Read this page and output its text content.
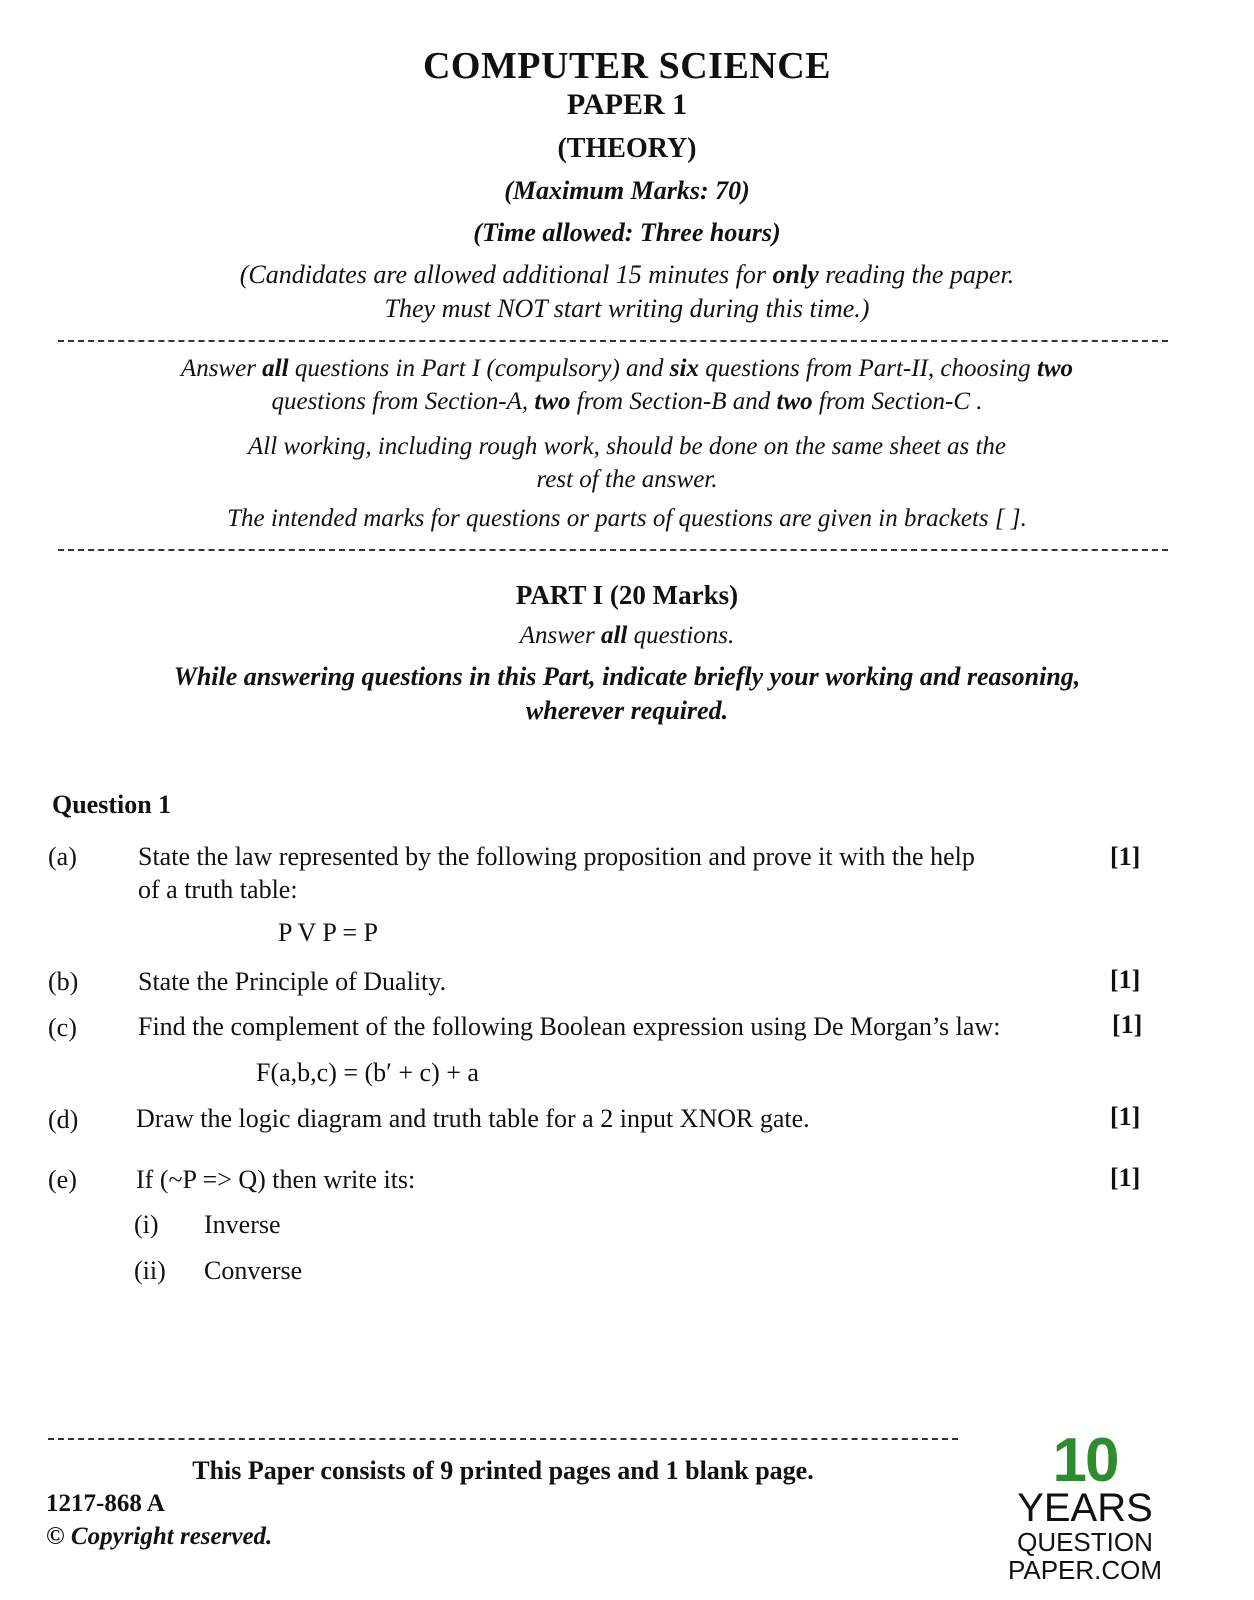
COMPUTER SCIENCE
PAPER 1
(THEORY)
(Maximum Marks: 70)
(Time allowed: Three hours)
(Candidates are allowed additional 15 minutes for only reading the paper.
They must NOT start writing during this time.)
Answer all questions in Part I (compulsory) and six questions from Part-II, choosing two
questions from Section-A, two from Section-B and two from Section-C .
All working, including rough work, should be done on the same sheet as the
rest of the answer.
The intended marks for questions or parts of questions are given in brackets [ ].
PART I (20 Marks)
Answer all questions.
While answering questions in this Part, indicate briefly your working and reasoning,
wherever required.
Question 1
(a) State the law represented by the following proposition and prove it with the help
of a truth table:
[1]
P V P = P
(b) State the Principle of Duality.	[1]
(c) Find the complement of the following Boolean expression using De Morgan’s law:	[1]
F(a,b,c) = (b′ + c) + a
(d) Draw the logic diagram and truth table for a 2 input XNOR gate.	[1]
(e) If (~P => Q) then write its:	[1]
(i) Inverse
(ii) Converse
This Paper consists of 9 printed pages and 1 blank page.
1217-868 A
© Copyright reserved.
10
YEARS
QUESTION PAPER.COM
